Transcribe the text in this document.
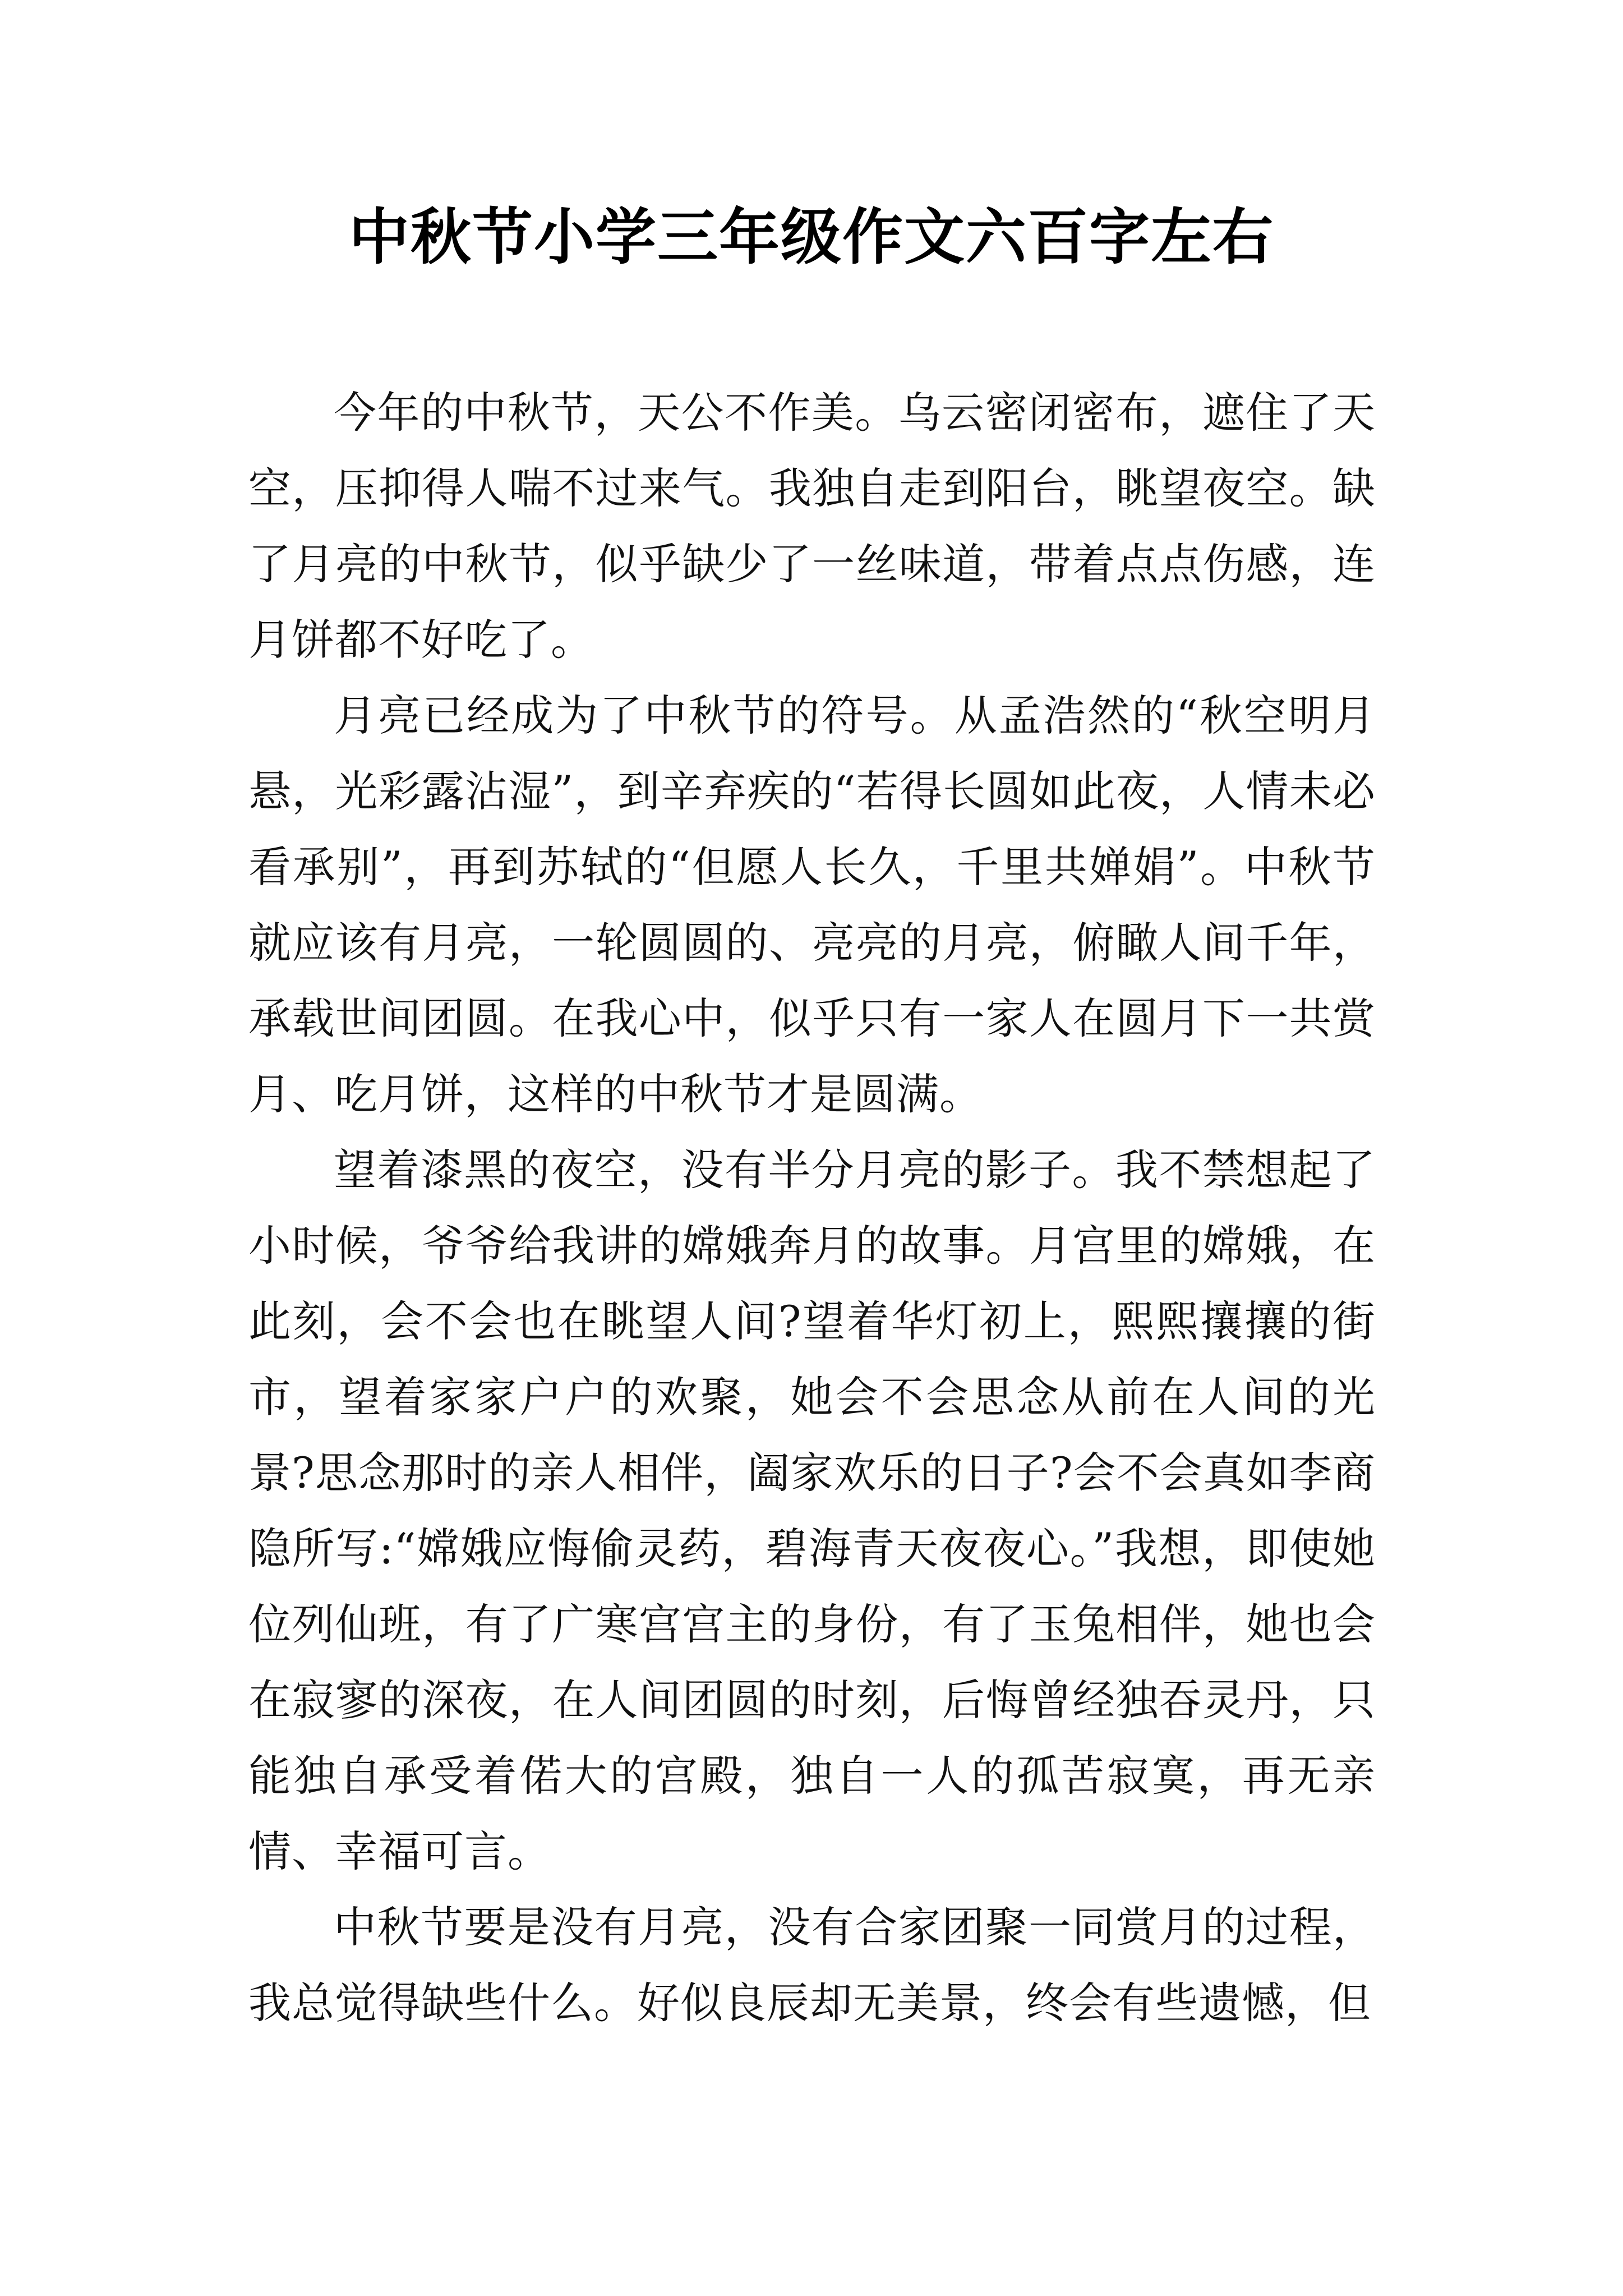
中秋节小学三年级作文六百字左右

今年的中秋节，天公不作美。乌云密闭密布，遮住了天空，压抑得人喘不过来气。我独自走到阳台，眺望夜空。缺了月亮的中秋节，似乎缺少了一丝味道，带着点点伤感，连月饼都不好吃了。

月亮已经成为了中秋节的符号。从孟浩然的“秋空明月悬，光彩露沾湿”，到辛弃疾的“若得长圆如此夜，人情未必看承别”，再到苏轼的“但愿人长久，千里共婵娟”。中秋节就应该有月亮，一轮圆圆的、亮亮的月亮，俯瞰人间千年，承载世间团圆。在我心中，似乎只有一家人在圆月下一共赏月、吃月饼，这样的中秋节才是圆满。

望着漆黑的夜空，没有半分月亮的影子。我不禁想起了小时候，爷爷给我讲的嫦娥奔月的故事。月宫里的嫦娥，在此刻，会不会也在眺望人间?望着华灯初上，熙熙攘攘的街市，望着家家户户的欢聚，她会不会思念从前在人间的光景?思念那时的亲人相伴，阖家欢乐的日子?会不会真如李商隐所写:“嫦娥应悔偷灵药，碧海青天夜夜心。”我想，即使她位列仙班，有了广寒宫宫主的身份，有了玉兔相伴，她也会在寂寥的深夜，在人间团圆的时刻，后悔曾经独吞灵丹，只能独自承受着偌大的宫殿，独自一人的孤苦寂寞，再无亲情、幸福可言。

中秋节要是没有月亮，没有合家团聚一同赏月的过程，我总觉得缺些什么。好似良辰却无美景，终会有些遗憾，但
